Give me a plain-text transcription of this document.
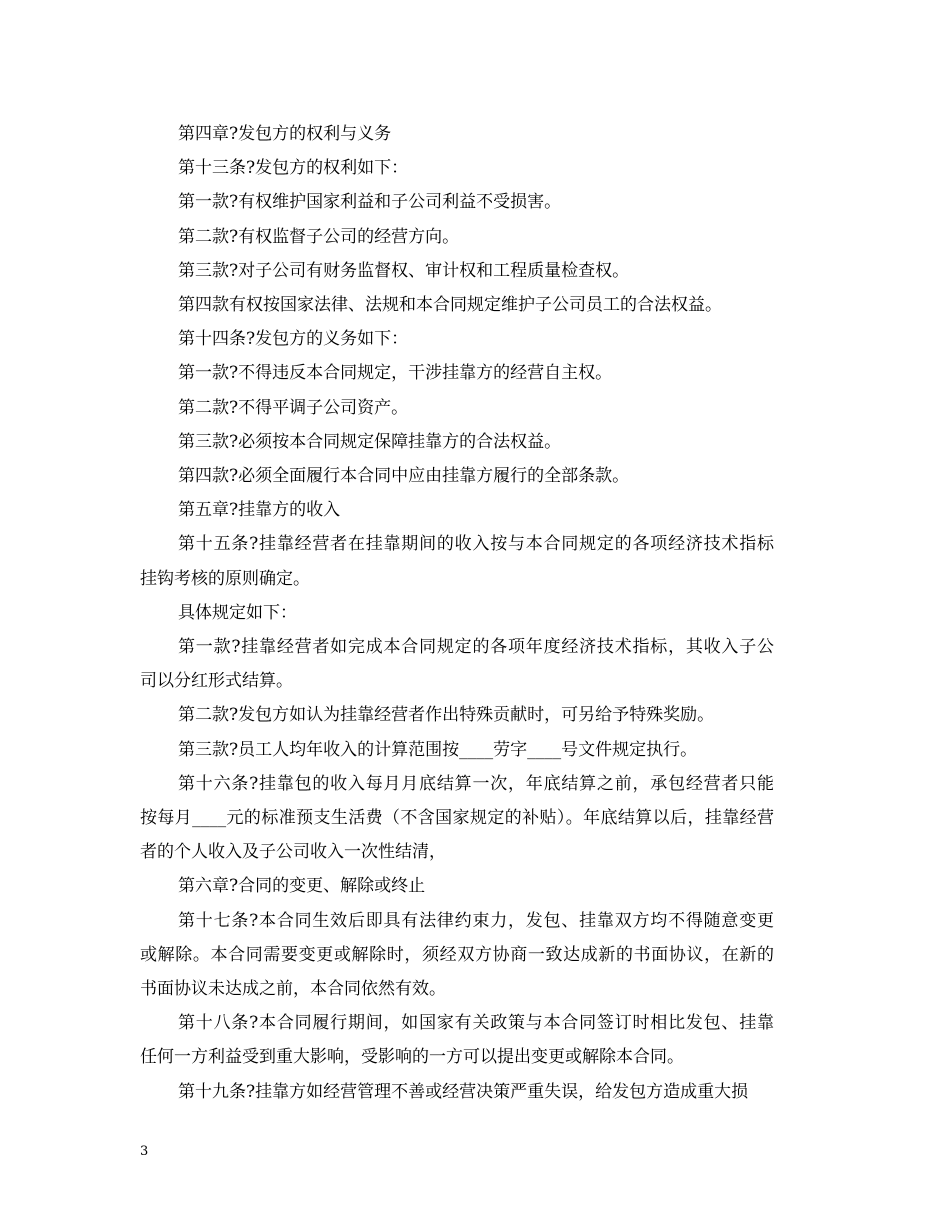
第四章?发包方的权利与义务
第十三条?发包方的权利如下：
第一款?有权维护国家利益和子公司利益不受损害。
第二款?有权监督子公司的经营方向。
第三款?对子公司有财务监督权、审计权和工程质量检查权。
第四款有权按国家法律、法规和本合同规定维护子公司员工的合法权益。
第十四条?发包方的义务如下：
第一款?不得违反本合同规定，干涉挂靠方的经营自主权。
第二款?不得平调子公司资产。
第三款?必须按本合同规定保障挂靠方的合法权益。
第四款?必须全面履行本合同中应由挂靠方履行的全部条款。
第五章?挂靠方的收入
第十五条?挂靠经营者在挂靠期间的收入按与本合同规定的各项经济技术指标
挂钩考核的原则确定。
具体规定如下：
第一款?挂靠经营者如完成本合同规定的各项年度经济技术指标，其收入子公
司以分红形式结算。
第二款?发包方如认为挂靠经营者作出特殊贡献时，可另给予特殊奖励。
第三款?员工人均年收入的计算范围按____劳字____号文件规定执行。
第十六条?挂靠包的收入每月月底结算一次，年底结算之前，承包经营者只能
按每月____元的标准预支生活费（不含国家规定的补贴）。年底结算以后，挂靠经营
者的个人收入及子公司收入一次性结清，
第六章?合同的变更、解除或终止
第十七条?本合同生效后即具有法律约束力，发包、挂靠双方均不得随意变更
或解除。本合同需要变更或解除时，须经双方协商一致达成新的书面协议，在新的
书面协议未达成之前，本合同依然有效。
第十八条?本合同履行期间，如国家有关政策与本合同签订时相比发包、挂靠
任何一方利益受到重大影响，受影响的一方可以提出变更或解除本合同。
第十九条?挂靠方如经营管理不善或经营决策严重失误，给发包方造成重大损
3
